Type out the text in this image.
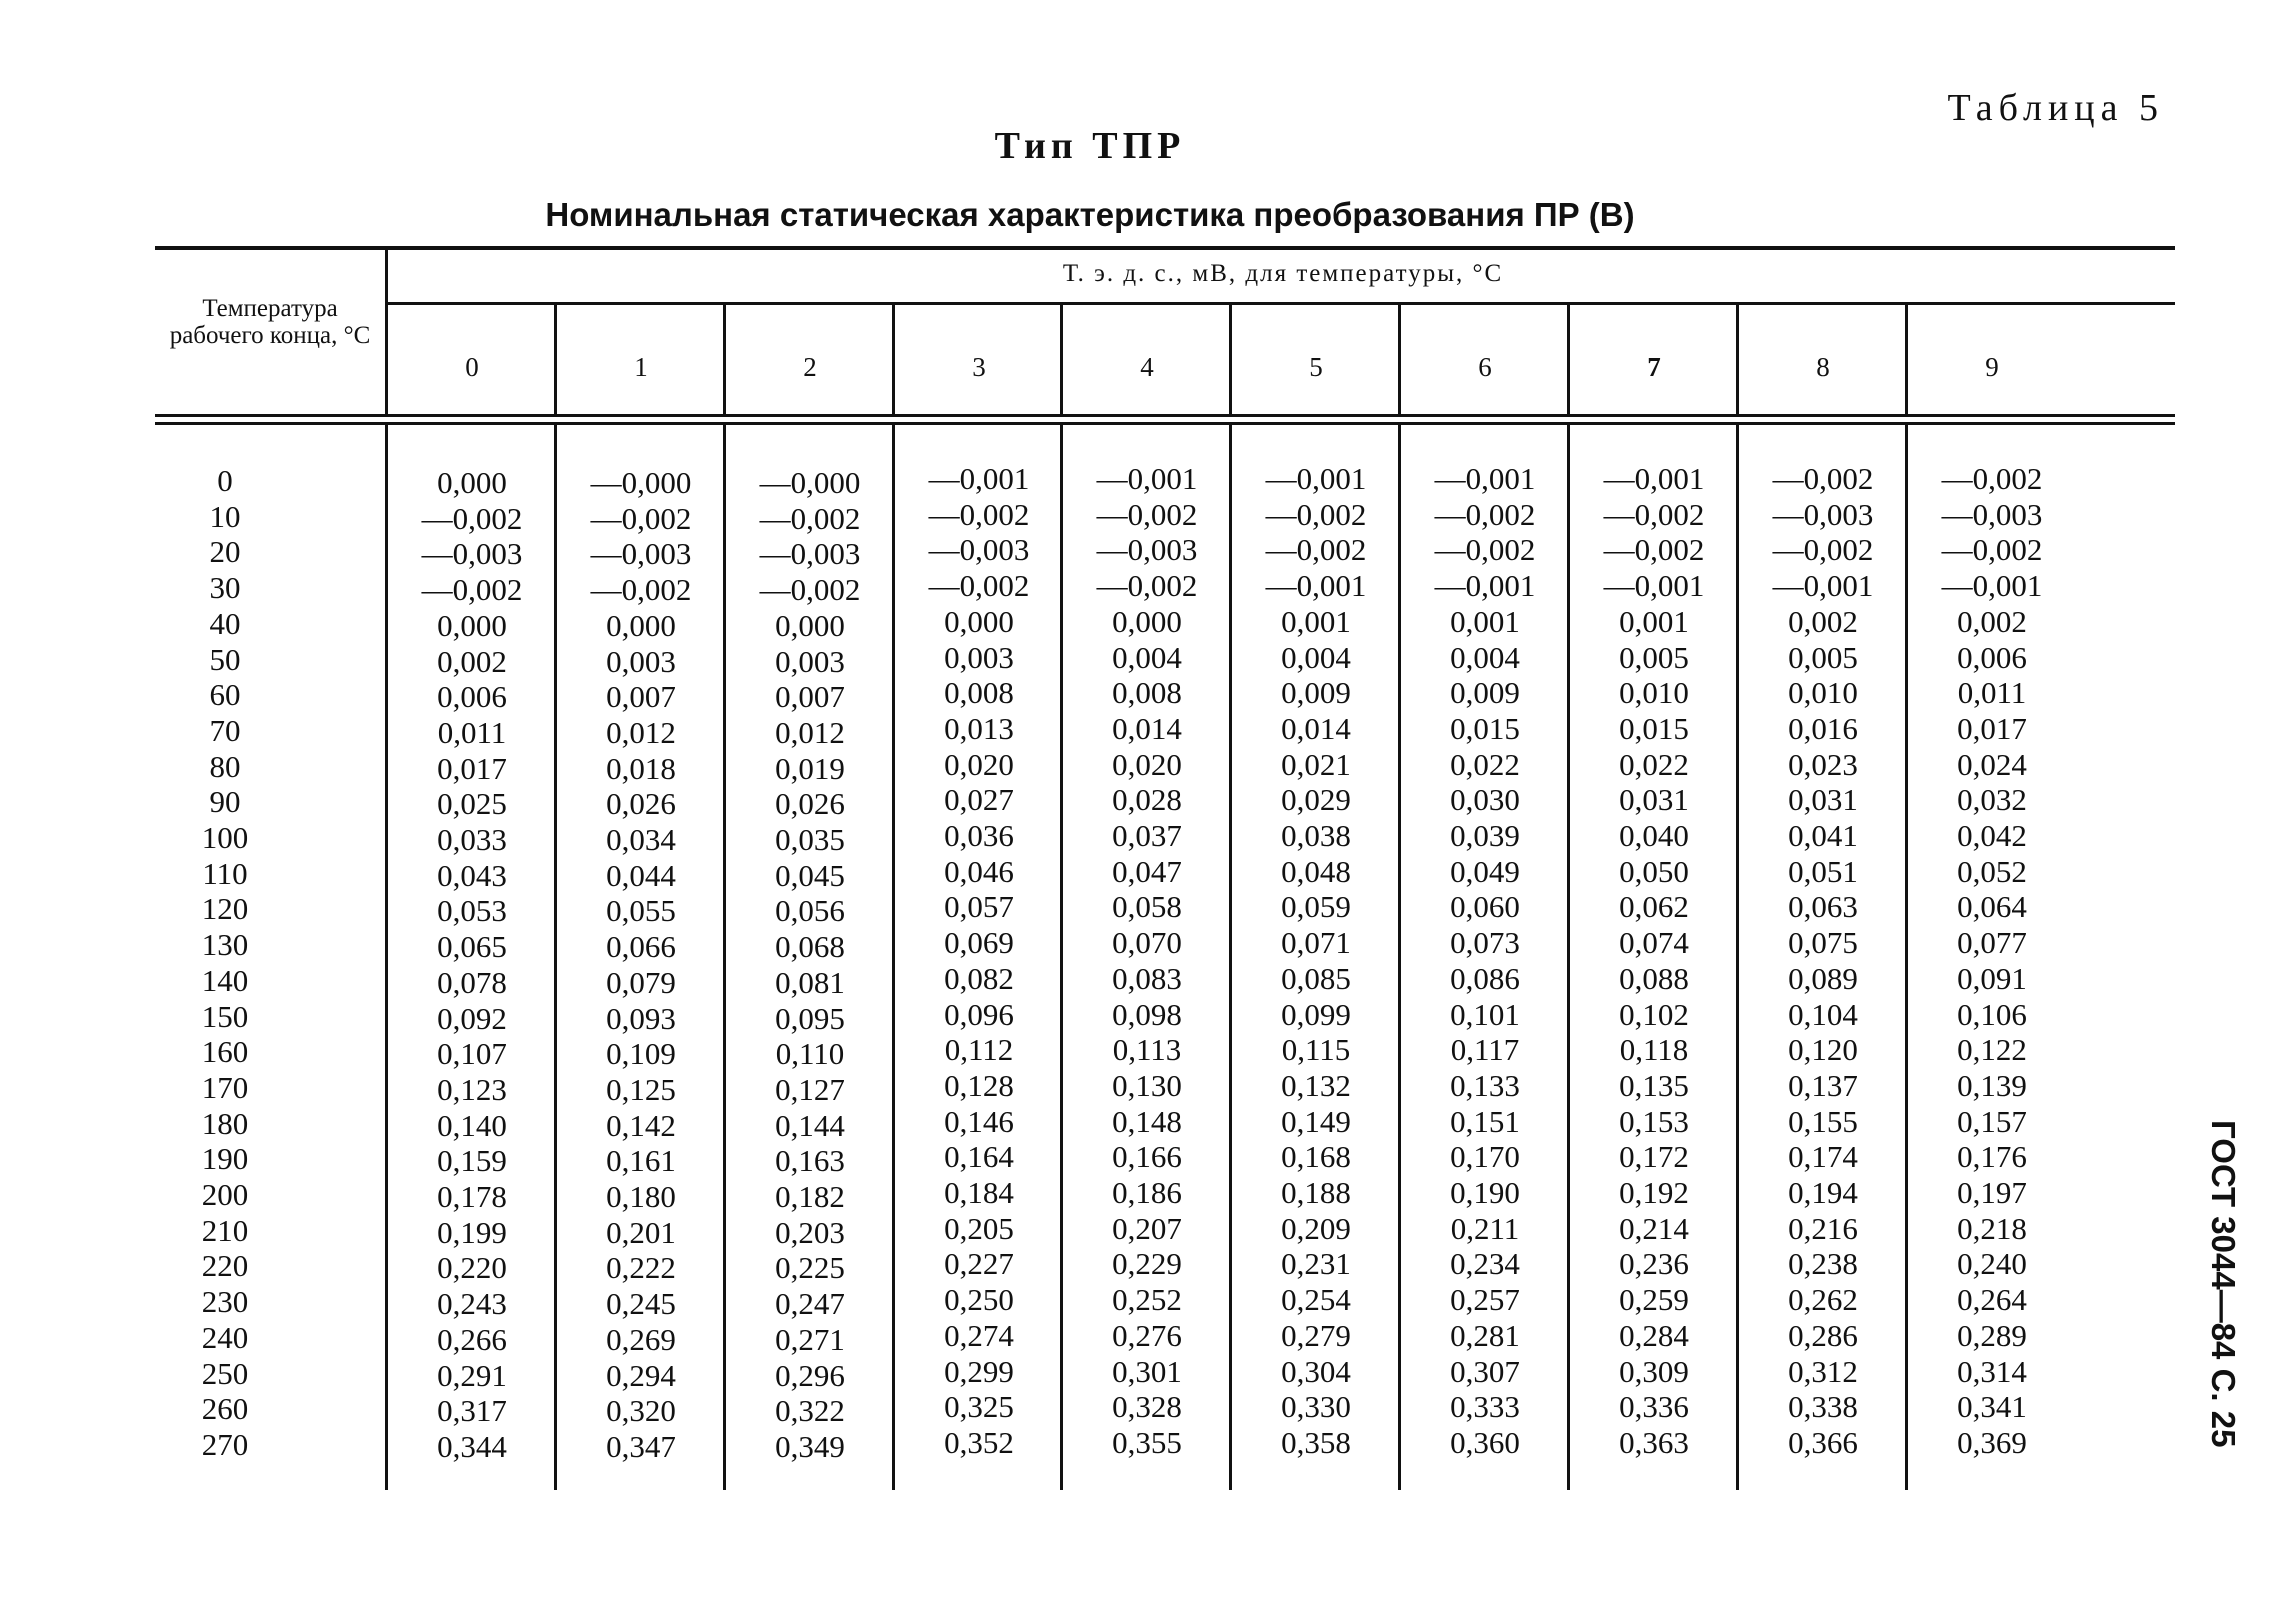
Таблица 5
Тип ТПР
Номинальная статическая характеристика преобразования ПР (В)
ГОСТ 3044—84 С. 25
Температура рабочего конца, °С
Т. э. д. с., мВ, для температуры, °С
0	1	2	3	4	5	6	7	8	9
0	0,000	—0,000	—0,000	—0,001	—0,001	—0,001	—0,001	—0,001	—0,002	—0,002
10	—0,002	—0,002	—0,002	—0,002	—0,002	—0,002	—0,002	—0,002	—0,003	—0,003
20	—0,003	—0,003	—0,003	—0,003	—0,003	—0,002	—0,002	—0,002	—0,002	—0,002
30	—0,002	—0,002	—0,002	—0,002	—0,002	—0,001	—0,001	—0,001	—0,001	—0,001
40	0,000	0,000	0,000	0,000	0,000	0,001	0,001	0,001	0,002	0,002
50	0,002	0,003	0,003	0,003	0,004	0,004	0,004	0,005	0,005	0,006
60	0,006	0,007	0,007	0,008	0,008	0,009	0,009	0,010	0,010	0,011
70	0,011	0,012	0,012	0,013	0,014	0,014	0,015	0,015	0,016	0,017
80	0,017	0,018	0,019	0,020	0,020	0,021	0,022	0,022	0,023	0,024
90	0,025	0,026	0,026	0,027	0,028	0,029	0,030	0,031	0,031	0,032
100	0,033	0,034	0,035	0,036	0,037	0,038	0,039	0,040	0,041	0,042
110	0,043	0,044	0,045	0,046	0,047	0,048	0,049	0,050	0,051	0,052
120	0,053	0,055	0,056	0,057	0,058	0,059	0,060	0,062	0,063	0,064
130	0,065	0,066	0,068	0,069	0,070	0,071	0,073	0,074	0,075	0,077
140	0,078	0,079	0,081	0,082	0,083	0,085	0,086	0,088	0,089	0,091
150	0,092	0,093	0,095	0,096	0,098	0,099	0,101	0,102	0,104	0,106
160	0,107	0,109	0,110	0,112	0,113	0,115	0,117	0,118	0,120	0,122
170	0,123	0,125	0,127	0,128	0,130	0,132	0,133	0,135	0,137	0,139
180	0,140	0,142	0,144	0,146	0,148	0,149	0,151	0,153	0,155	0,157
190	0,159	0,161	0,163	0,164	0,166	0,168	0,170	0,172	0,174	0,176
200	0,178	0,180	0,182	0,184	0,186	0,188	0,190	0,192	0,194	0,197
210	0,199	0,201	0,203	0,205	0,207	0,209	0,211	0,214	0,216	0,218
220	0,220	0,222	0,225	0,227	0,229	0,231	0,234	0,236	0,238	0,240
230	0,243	0,245	0,247	0,250	0,252	0,254	0,257	0,259	0,262	0,264
240	0,266	0,269	0,271	0,274	0,276	0,279	0,281	0,284	0,286	0,289
250	0,291	0,294	0,296	0,299	0,301	0,304	0,307	0,309	0,312	0,314
260	0,317	0,320	0,322	0,325	0,328	0,330	0,333	0,336	0,338	0,341
270	0,344	0,347	0,349	0,352	0,355	0,358	0,360	0,363	0,366	0,369
